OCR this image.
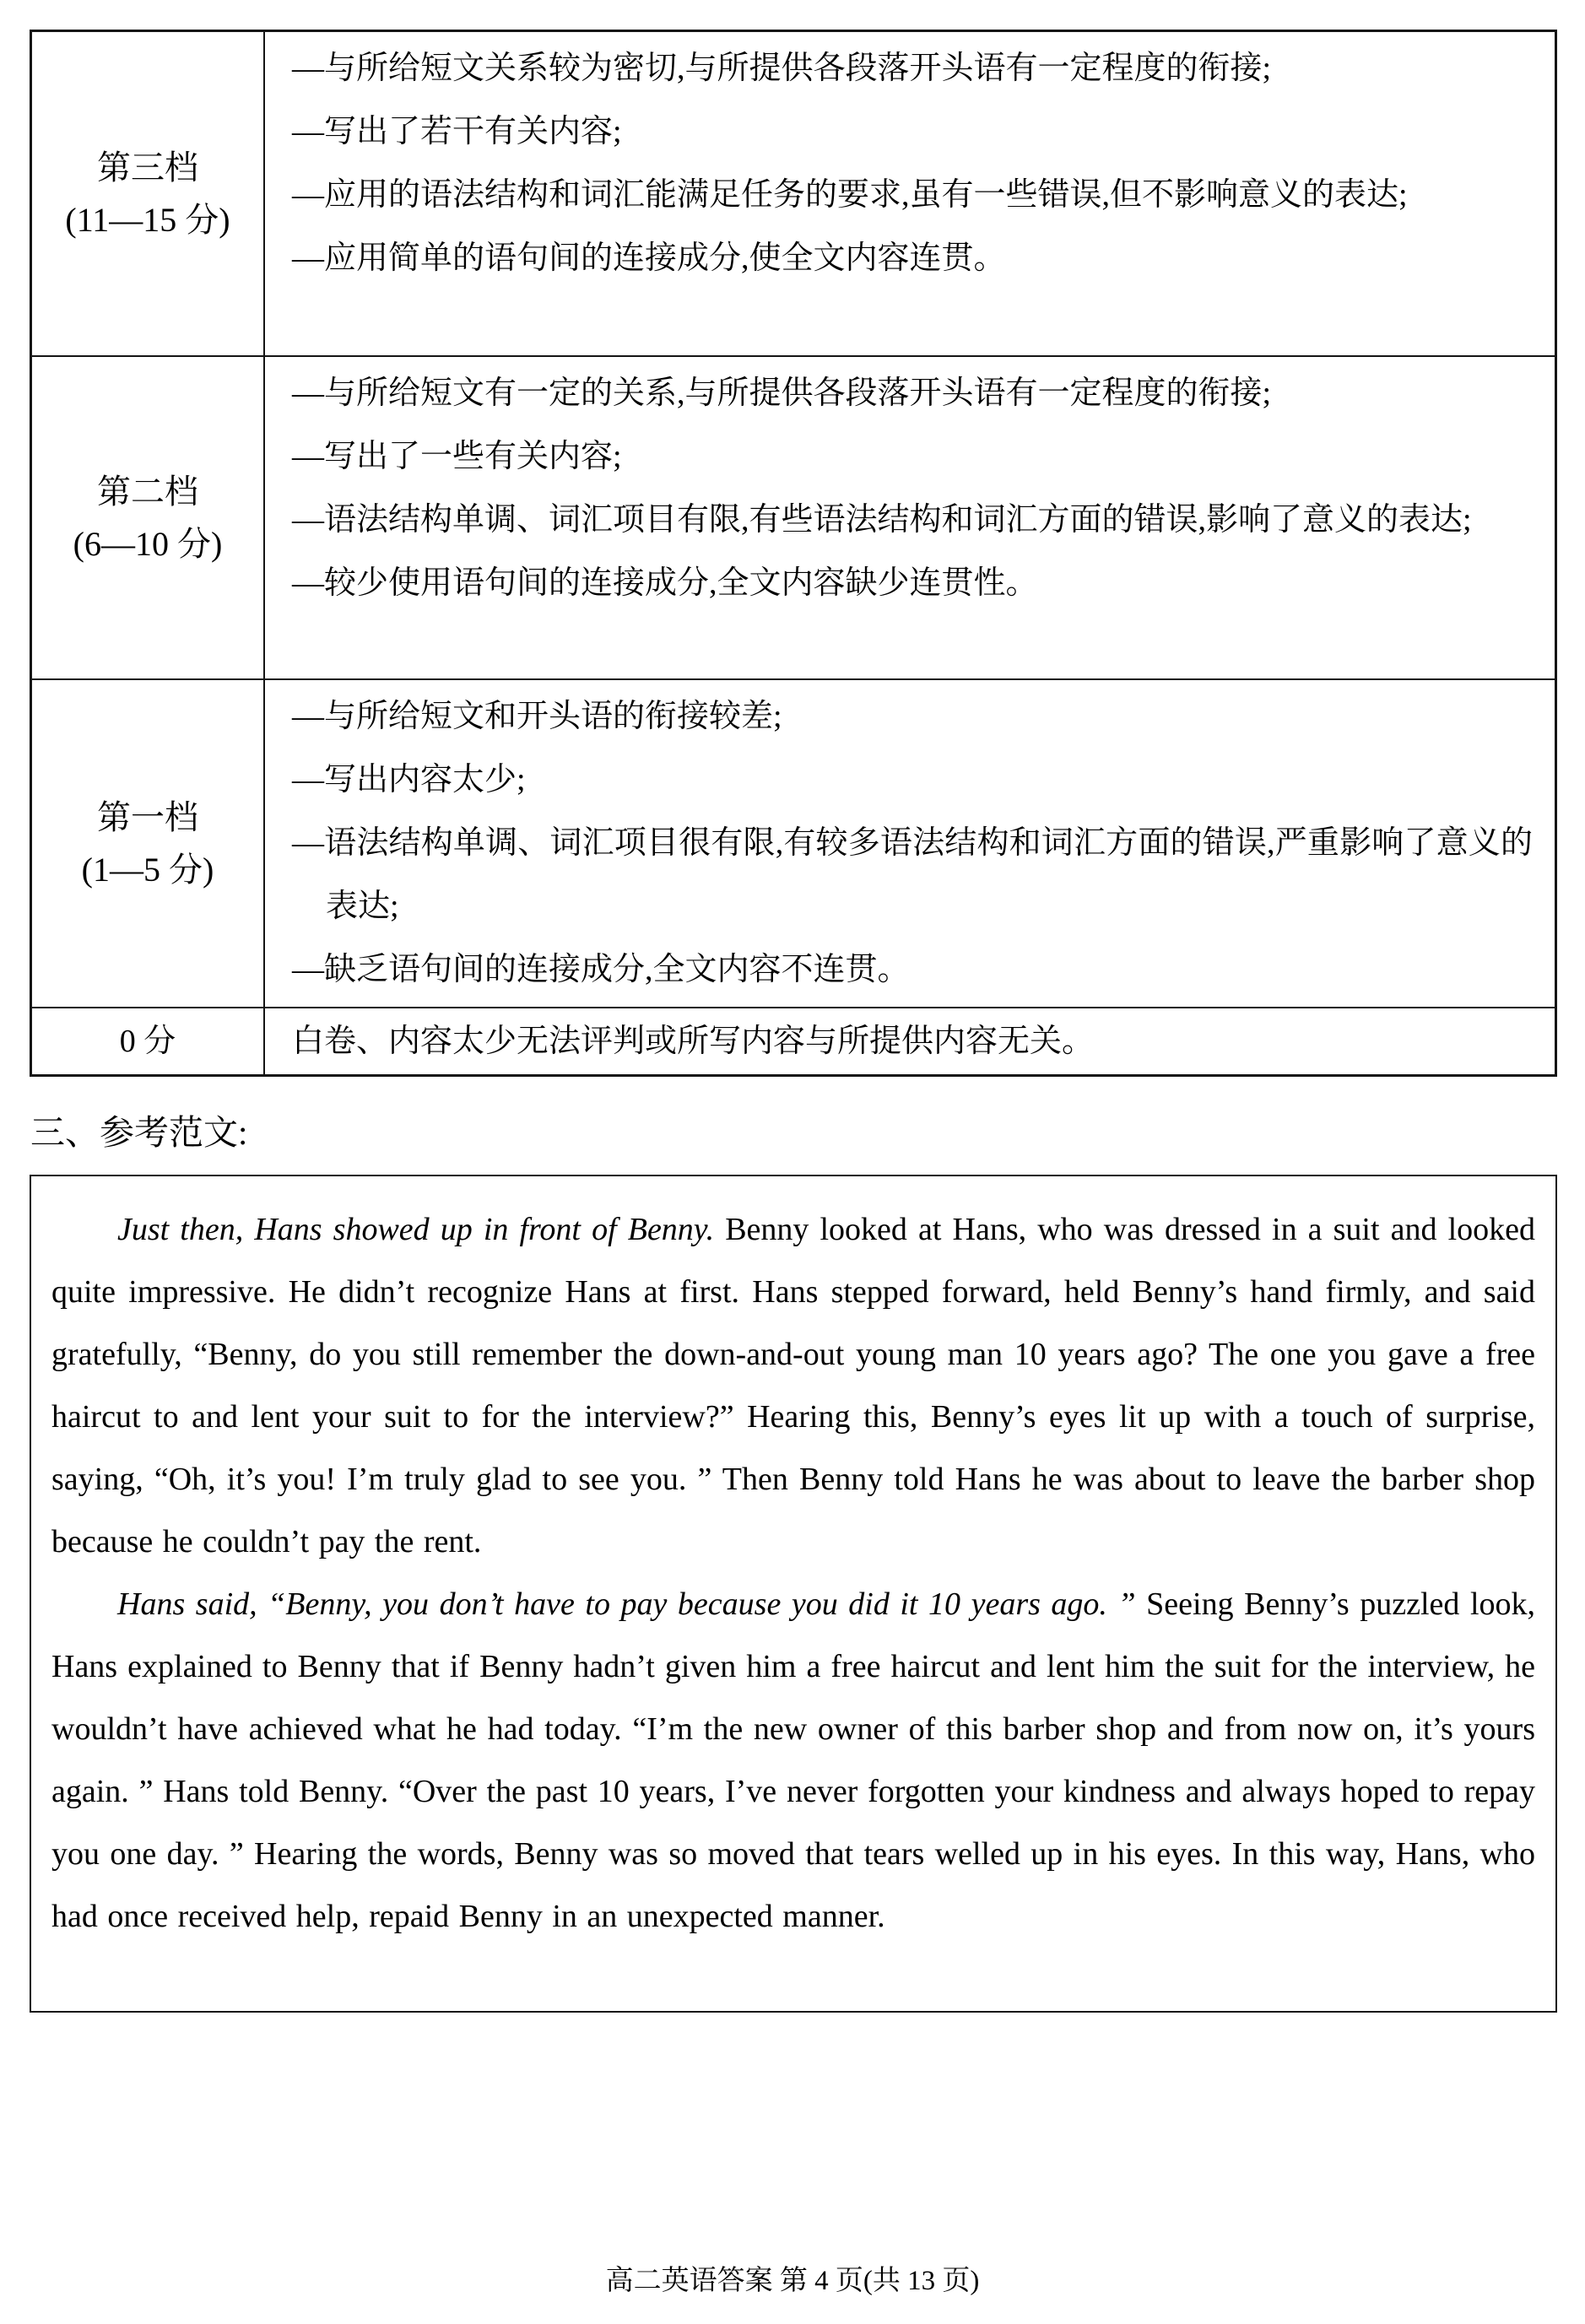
第三档
(11—15 分)
—与所给短文关系较为密切,与所提供各段落开头语有一定程度的衔接;
—写出了若干有关内容;
—应用的语法结构和词汇能满足任务的要求,虽有一些错误,但不影响意义的表达;
—应用简单的语句间的连接成分,使全文内容连贯。
第二档
(6—10 分)
—与所给短文有一定的关系,与所提供各段落开头语有一定程度的衔接;
—写出了一些有关内容;
—语法结构单调、词汇项目有限,有些语法结构和词汇方面的错误,影响了意义的表达;
—较少使用语句间的连接成分,全文内容缺少连贯性。
第一档
(1—5 分)
—与所给短文和开头语的衔接较差;
—写出内容太少;
—语法结构单调、词汇项目很有限,有较多语法结构和词汇方面的错误,严重影响了意义的表达;
—缺乏语句间的连接成分,全文内容不连贯。
0 分	白卷、内容太少无法评判或所写内容与所提供内容无关。
三、参考范文:

Just then, Hans showed up in front of Benny. Benny looked at Hans, who was dressed in a suit and looked quite impressive. He didn’t recognize Hans at first. Hans stepped forward, held Benny’s hand firmly, and said gratefully, “Benny, do you still remember the down-and-out young man 10 years ago? The one you gave a free haircut to and lent your suit to for the interview?” Hearing this, Benny’s eyes lit up with a touch of surprise, saying, “Oh, it’s you! I’m truly glad to see you. ” Then Benny told Hans he was about to leave the barber shop because he couldn’t pay the rent.

Hans said, “Benny, you don’t have to pay because you did it 10 years ago. ” Seeing Benny’s puzzled look, Hans explained to Benny that if Benny hadn’t given him a free haircut and lent him the suit for the interview, he wouldn’t have achieved what he had today. “I’m the new owner of this barber shop and from now on, it’s yours again. ” Hans told Benny. “Over the past 10 years, I’ve never forgotten your kindness and always hoped to repay you one day. ” Hearing the words, Benny was so moved that tears welled up in his eyes. In this way, Hans, who had once received help, repaid Benny in an unexpected manner.

高二英语答案 第 4 页(共 13 页)
